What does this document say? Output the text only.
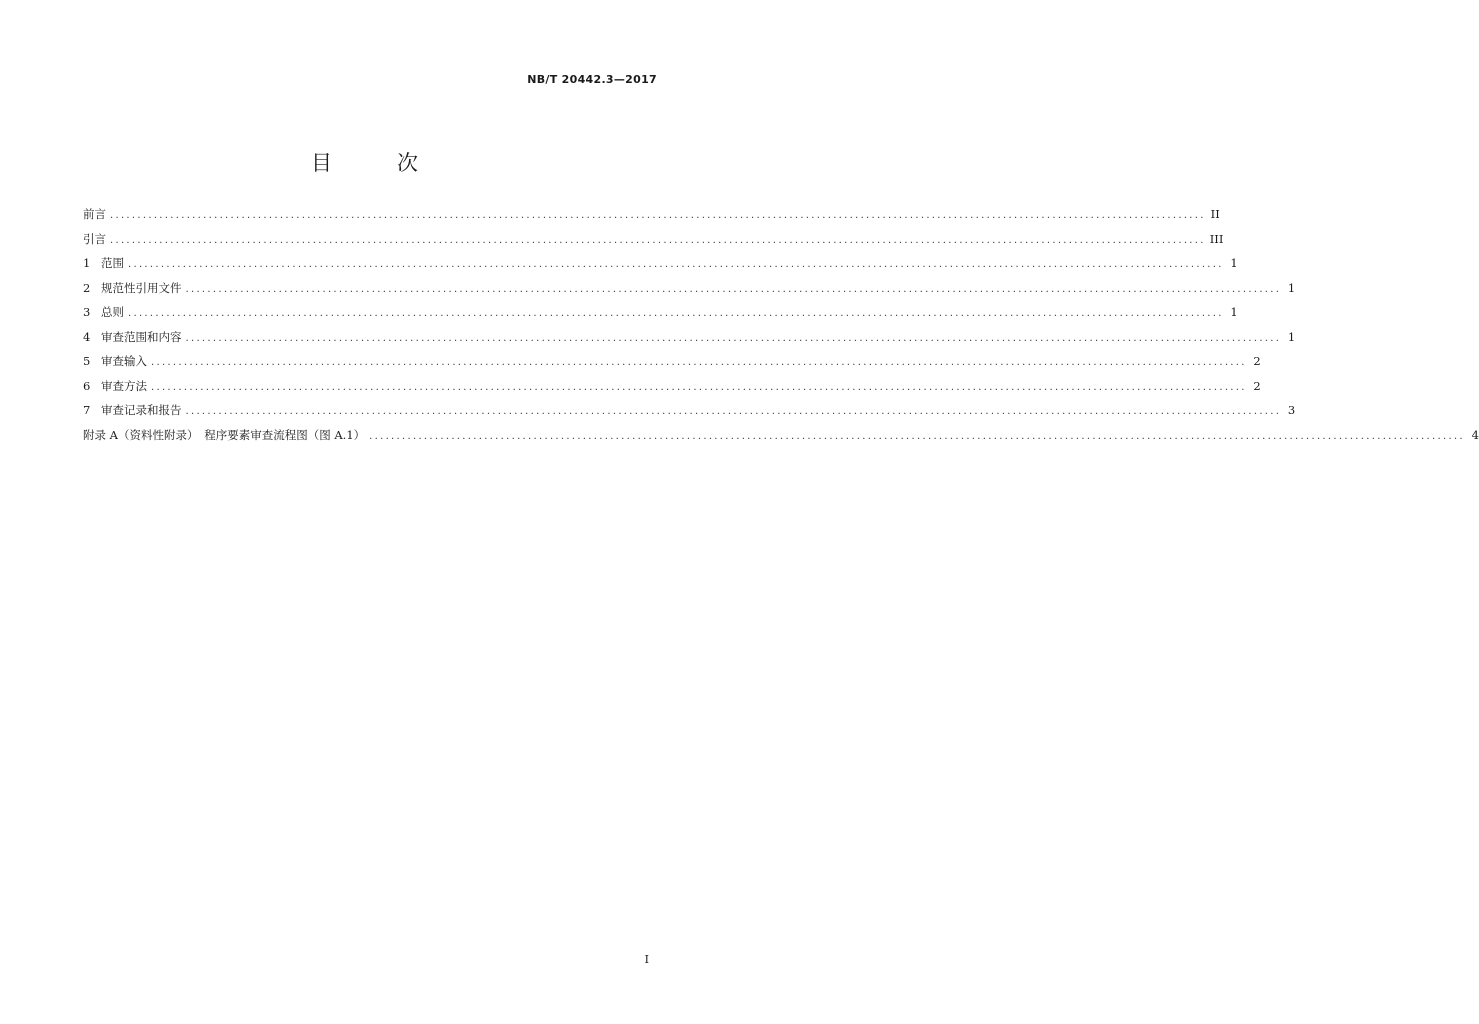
NB/T 20442.3—2017
目　次
前言 ........................................................................................................................................................................................................ II
引言 ........................................................................................................................................................................................................ III
1 范围 ........................................................................................................................................................................................................ 1
2 规范性引用文件 ........................................................................................................................................................................................................ 1
3 总则 ........................................................................................................................................................................................................ 1
4 审查范围和内容 ........................................................................................................................................................................................................ 1
5 审查输入 ........................................................................................................................................................................................................ 2
6 审查方法 ........................................................................................................................................................................................................ 2
7 审查记录和报告 ........................................................................................................................................................................................................ 3
附录 A（资料性附录）　程序要素审查流程图（图 A.1） ........................................................................................................................................................................................................ 4
I
